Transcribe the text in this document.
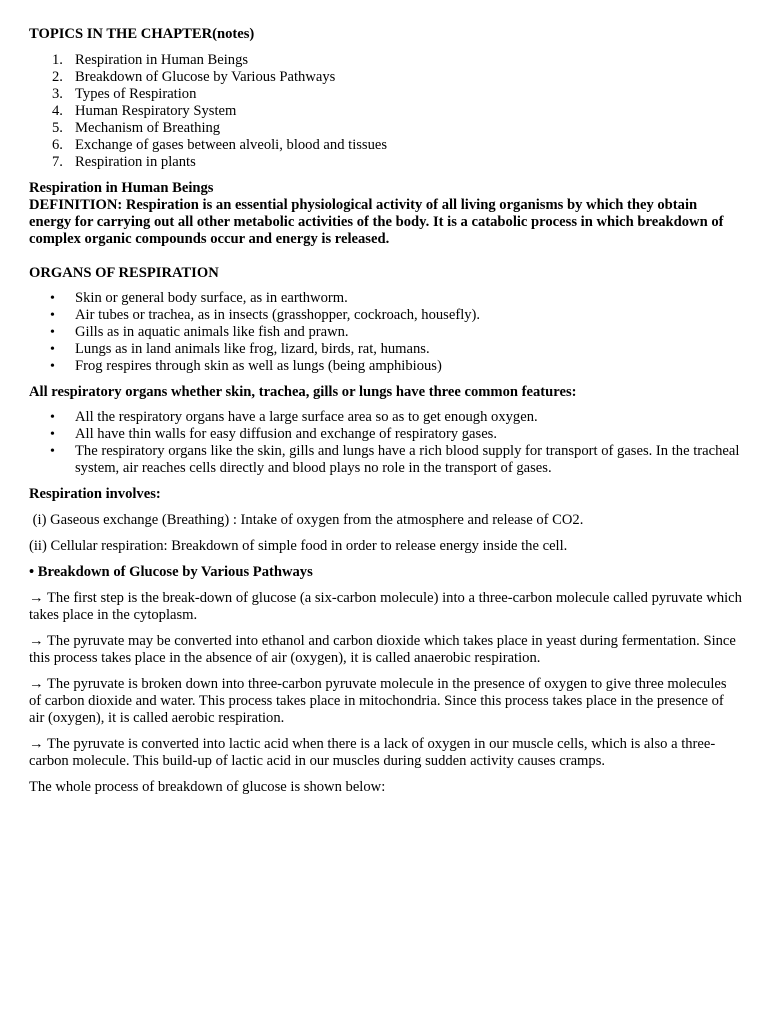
TOPICS IN THE CHAPTER(notes)

1. Respiration in Human Beings
2. Breakdown of Glucose by Various Pathways
3. Types of Respiration
4. Human Respiratory System
5. Mechanism of Breathing
6. Exchange of gases between alveoli, blood and tissues
7. Respiration in plants

Respiration in Human Beings

DEFINITION: Respiration is an essential physiological activity of all living organisms by which they obtain energy for carrying out all other metabolic activities of the body. It is a catabolic process in which breakdown of complex organic compounds occur and energy is released.

ORGANS OF RESPIRATION

• Skin or general body surface, as in earthworm.
• Air tubes or trachea, as in insects (grasshopper, cockroach, housefly).
• Gills as in aquatic animals like fish and prawn.
• Lungs as in land animals like frog, lizard, birds, rat, humans.
• Frog respires through skin as well as lungs (being amphibious)

All respiratory organs whether skin, trachea, gills or lungs have three common features:

• All the respiratory organs have a large surface area so as to get enough oxygen.
• All have thin walls for easy diffusion and exchange of respiratory gases.
• The respiratory organs like the skin, gills and lungs have a rich blood supply for transport of gases. In the tracheal system, air reaches cells directly and blood plays no role in the transport of gases.

Respiration involves:

(i) Gaseous exchange (Breathing) : Intake of oxygen from the atmosphere and release of CO2.

(ii) Cellular respiration: Breakdown of simple food in order to release energy inside the cell.

• Breakdown of Glucose by Various Pathways

→ The first step is the break-down of glucose (a six-carbon molecule) into a three-carbon molecule called pyruvate which takes place in the cytoplasm.

→ The pyruvate may be converted into ethanol and carbon dioxide which takes place in yeast during fermentation. Since this process takes place in the absence of air (oxygen), it is called anaerobic respiration.

→ The pyruvate is broken down into three-carbon pyruvate molecule in the presence of oxygen to give three molecules of carbon dioxide and water. This process takes place in mitochondria. Since this process takes place in the presence of air (oxygen), it is called aerobic respiration.

→ The pyruvate is converted into lactic acid when there is a lack of oxygen in our muscle cells, which is also a three-carbon molecule. This build-up of lactic acid in our muscles during sudden activity causes cramps.

The whole process of breakdown of glucose is shown below:
